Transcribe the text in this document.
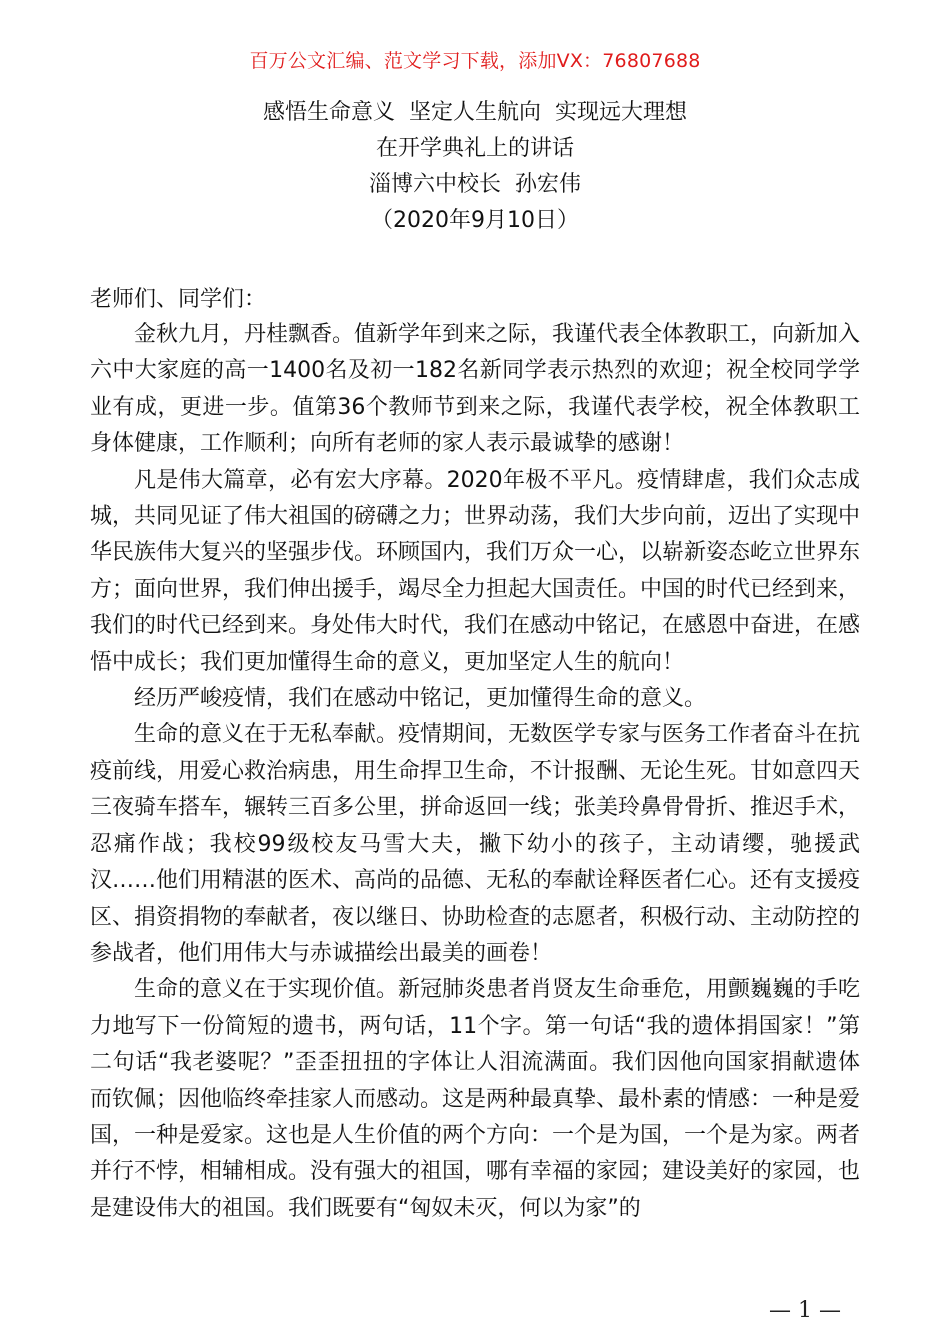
百万公文汇编、范文学习下载，添加VX：76807688
感悟生命意义  坚定人生航向  实现远大理想
在开学典礼上的讲话
淄博六中校长  孙宏伟
（2020年9月10日）
老师们、同学们：

金秋九月，丹桂飘香。值新学年到来之际，我谨代表全体教职工，向新加入六中大家庭的高一1400名及初一182名新同学表示热烈的欢迎；祝全校同学学业有成，更进一步。值第36个教师节到来之际，我谨代表学校，祝全体教职工身体健康，工作顺利；向所有老师的家人表示最诚挚的感谢！

凡是伟大篇章，必有宏大序幕。2020年极不平凡。疫情肆虐，我们众志成城，共同见证了伟大祖国的磅礴之力；世界动荡，我们大步向前，迈出了实现中华民族伟大复兴的坚强步伐。环顾国内，我们万众一心，以崭新姿态屹立世界东方；面向世界，我们伸出援手，竭尽全力担起大国责任。中国的时代已经到来，我们的时代已经到来。身处伟大时代，我们在感动中铭记，在感恩中奋进，在感悟中成长；我们更加懂得生命的意义，更加坚定人生的航向！

经历严峻疫情，我们在感动中铭记，更加懂得生命的意义。

生命的意义在于无私奉献。疫情期间，无数医学专家与医务工作者奋斗在抗疫前线，用爱心救治病患，用生命捍卫生命，不计报酬、无论生死。甘如意四天三夜骑车搭车，辗转三百多公里，拼命返回一线；张美玲鼻骨骨折、推迟手术，忍痛作战；我校99级校友马雪大夫，撇下幼小的孩子，主动请缨，驰援武汉……他们用精湛的医术、高尚的品德、无私的奉献诠释医者仁心。还有支援疫区、捐资捐物的奉献者，夜以继日、协助检查的志愿者，积极行动、主动防控的参战者，他们用伟大与赤诚描绘出最美的画卷！

生命的意义在于实现价值。新冠肺炎患者肖贤友生命垂危，用颤巍巍的手吃力地写下一份简短的遗书，两句话，11个字。第一句话“我的遗体捐国家！”第二句话“我老婆呢？”歪歪扭扭的字体让人泪流满面。我们因他向国家捐献遗体而钦佩；因他临终牵挂家人而感动。这是两种最真挚、最朴素的情感：一种是爱国，一种是爱家。这也是人生价值的两个方向：一个是为国，一个是为家。两者并行不悖，相辅相成。没有强大的祖国，哪有幸福的家园；建设美好的家园，也是建设伟大的祖国。我们既要有“匈奴未灭，何以为家”的

— 1 —
